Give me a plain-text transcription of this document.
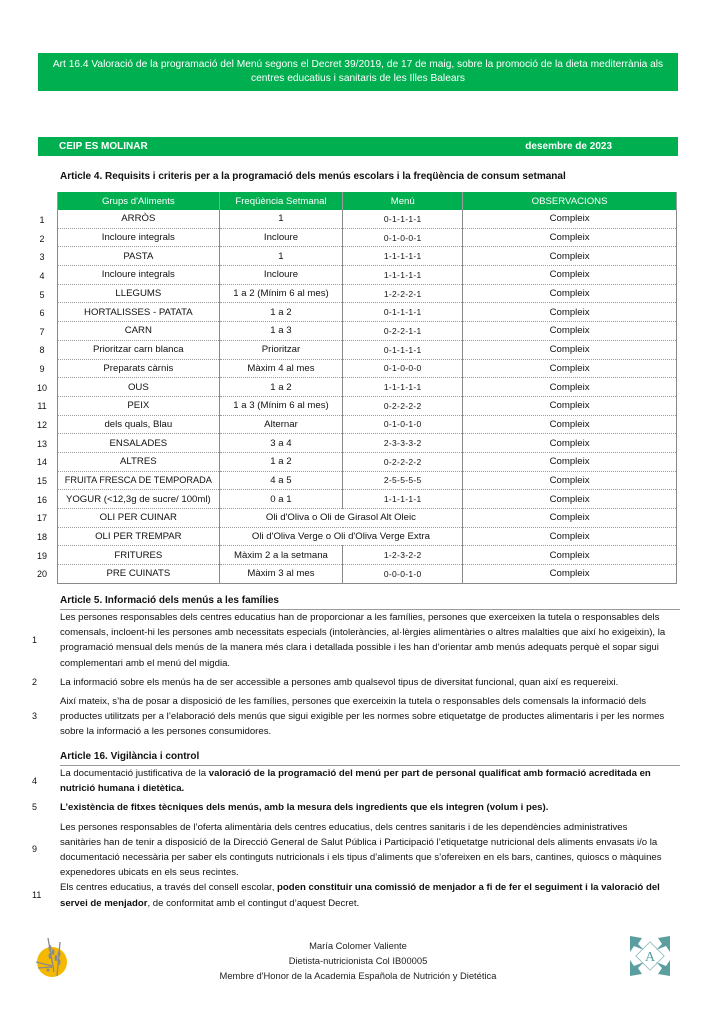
Art 16.4 Valoració de la programació del Menú segons el Decret 39/2019, de 17 de maig, sobre la promoció de la dieta mediterrània als
centres educatius i sanitaris de les Illes Balears
CEIP ES MOLINAR	desembre de 2023
Article 4. Requisits i criteris per a la programació dels menús escolars i la freqüència de consum setmanal
1
2
3
4
5
6
7
8
9
10
11
12
13
14
15
16
17
18
19
20
Grups d'Aliments	Freqüència Setmanal	Menú	OBSERVACIONS
ARRÒS	1	0-1-1-1-1	Compleix
Incloure integrals	Incloure	0-1-0-0-1	Compleix
PASTA	1	1-1-1-1-1	Compleix
Incloure integrals	Incloure	1-1-1-1-1	Compleix
LLEGUMS	1 a 2 (Mínim 6 al mes)	1-2-2-2-1	Compleix
HORTALISSES - PATATA	1 a 2	0-1-1-1-1	Compleix
CARN	1 a 3	0-2-2-1-1	Compleix
Prioritzar carn blanca	Prioritzar	0-1-1-1-1	Compleix
Preparats càrnis	Màxim 4 al mes	0-1-0-0-0	Compleix
OUS	1 a 2	1-1-1-1-1	Compleix
PEIX	1 a 3 (Mínim 6 al mes)	0-2-2-2-2	Compleix
dels quals, Blau	Alternar	0-1-0-1-0	Compleix
ENSALADES	3 a 4	2-3-3-3-2	Compleix
ALTRES	1 a 2	0-2-2-2-2	Compleix
FRUITA FRESCA DE TEMPORADA	4 a 5	2-5-5-5-5	Compleix
YOGUR (<12,3g de sucre/ 100ml)	0 a 1	1-1-1-1-1	Compleix
OLI PER CUINAR	Oli d'Oliva o Oli de Girasol Alt Oleic		Compleix
OLI PER TREMPAR	Oli d'Oliva Verge o Oli d'Oliva Verge Extra		Compleix
FRITURES	Màxim 2 a la setmana	1-2-3-2-2	Compleix
PRE CUINATS	Màxim 3 al mes	0-0-0-1-0	Compleix
Article 5. Informació dels menús a les famílies
1
Les persones responsables dels centres educatius han de proporcionar a les famílies, persones que exerceixen la tutela o responsables dels comensals, incloent-hi les persones amb necessitats especials (intoleràncies, al·lèrgies alimentàries o altres malalties que així ho exigeixin), la programació mensual dels menús de la manera més clara i detallada possible i les han d’orientar amb menús adequats perquè el sopar sigui complementari amb el menú del migdia.
2	La informació sobre els menús ha de ser accessible a persones amb qualsevol tipus de diversitat funcional, quan així es requereixi.
3
Així mateix, s’ha de posar a disposició de les famílies, persones que exerceixin la tutela o responsables dels comensals la informació dels productes utilitzats per a l’elaboració dels menús que sigui exigible per les normes sobre etiquetatge de productes alimentaris i per les normes sobre la informació a les persones consumidores.
Article 16. Vigilància i control
4
La documentació justificativa de la valoració de la programació del menú per part de personal qualificat amb formació acreditada en nutrició humana i dietètica.
5	L’existència de fitxes tècniques dels menús, amb la mesura dels ingredients que els integren (volum i pes).
9
Les persones responsables de l’oferta alimentària dels centres educatius, dels centres sanitaris i de les dependències administratives sanitàries han de tenir a disposició de la Direcció General de Salut Pública i Participació l’etiquetatge nutricional dels aliments envasats i/o la documentació necessària per saber els continguts nutricionals i els tipus d’aliments que s’ofereixen en els bars, cantines, quioscs o màquines expenedores ubicats en els seus recintes.
11
Els centres educatius, a través del consell escolar, poden constituir una comissió de menjador a fi de fer el seguiment i la valoració del servei de menjador, de conformitat amb el contingut d’aquest Decret.
María Colomer Valiente
Dietista-nutricionista Col IB00005
Membre d'Honor de la Academia Española de Nutrición y Dietética
A
